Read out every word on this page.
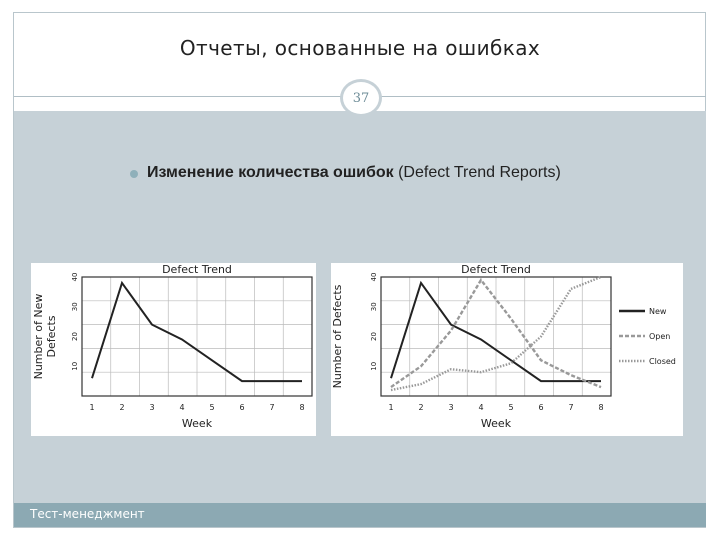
Отчеты, основанные на ошибках
37
Изменение количества ошибок (Defect Trend Reports)
Defect Trend
1	2	3	4	5	6	7	8
10
20
30
40
Week
Number of New Defects
Defect Trend
1	2	3	4	5	6	7	8
10
20
30
40
Week
Number of Defects	New
Open
Closed
Тест-менеджмент
